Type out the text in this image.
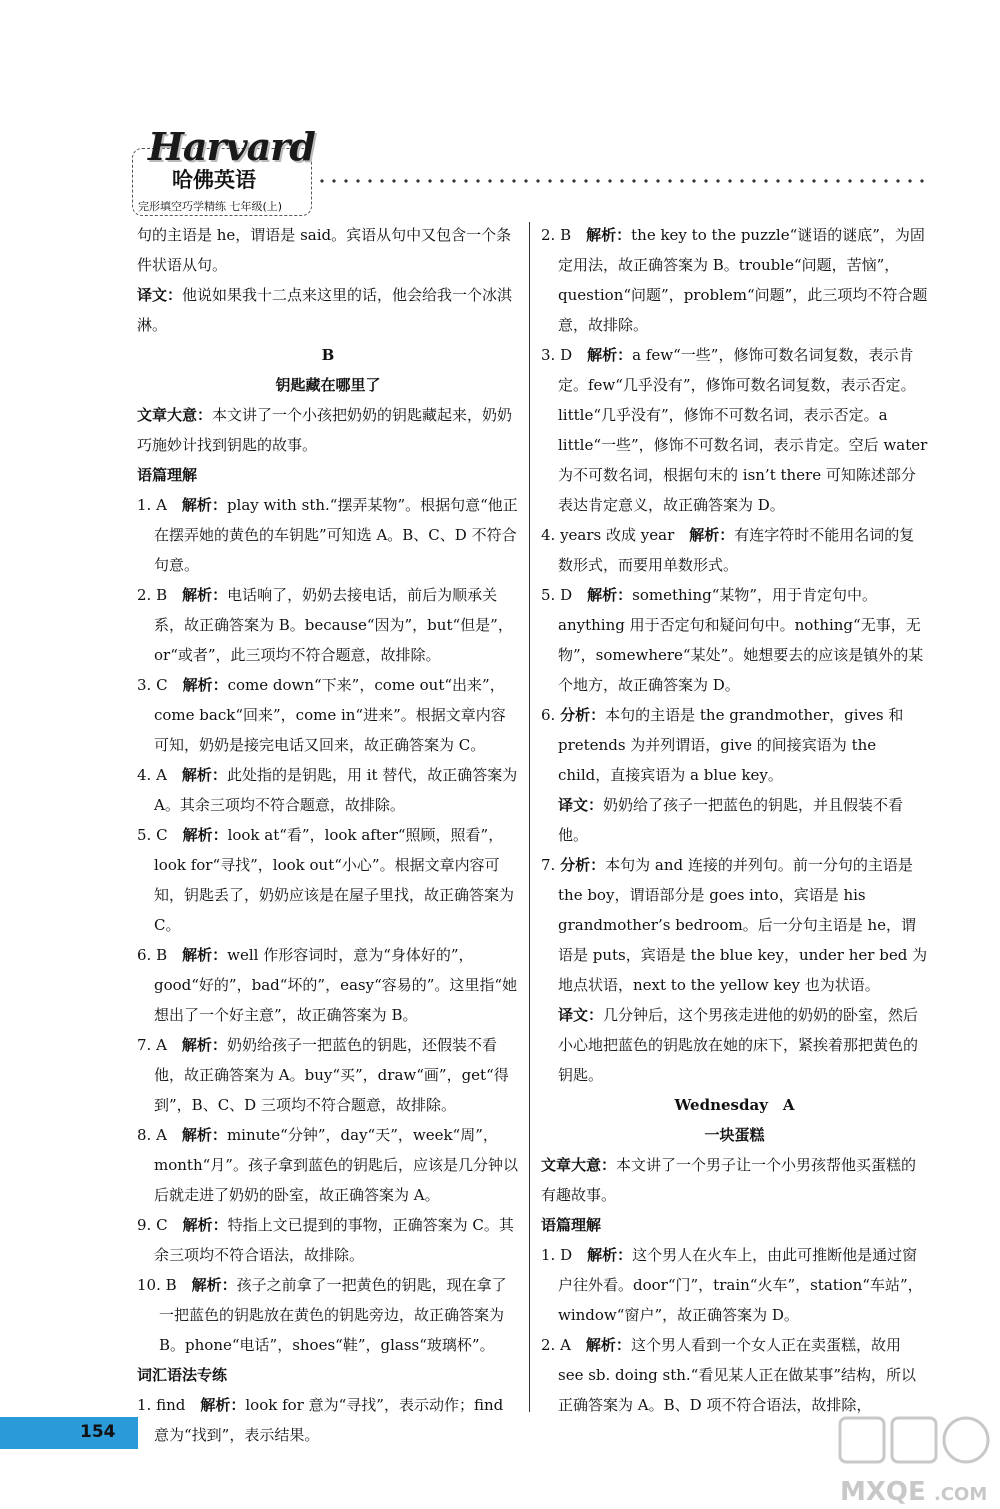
Harvard
哈佛英语
完形填空巧学精练 七年级(上)

句的主语是 he，谓语是 said。宾语从句中又包含一个条件状语从句。

译文：他说如果我十二点来这里的话，他会给我一个冰淇淋。

B

钥匙藏在哪里了

文章大意：本文讲了一个小孩把奶奶的钥匙藏起来，奶奶巧施妙计找到钥匙的故事。

语篇理解

1. A　解析：play with sth.“摆弄某物”。根据句意“他正在摆弄她的黄色的车钥匙”可知选 A。B、C、D 不符合句意。

2. B　解析：电话响了，奶奶去接电话，前后为顺承关系，故正确答案为 B。because“因为”，but“但是”，or“或者”，此三项均不符合题意，故排除。

3. C　解析：come down“下来”，come out“出来”，come back“回来”，come in“进来”。根据文章内容可知，奶奶是接完电话又回来，故正确答案为 C。

4. A　解析：此处指的是钥匙，用 it 替代，故正确答案为 A。其余三项均不符合题意，故排除。

5. C　解析：look at“看”，look after“照顾，照看”，look for“寻找”，look out“小心”。根据文章内容可知，钥匙丢了，奶奶应该是在屋子里找，故正确答案为 C。

6. B　解析：well 作形容词时，意为“身体好的”，good“好的”，bad“坏的”，easy“容易的”。这里指“她想出了一个好主意”，故正确答案为 B。

7. A　解析：奶奶给孩子一把蓝色的钥匙，还假装不看他，故正确答案为 A。buy“买”，draw“画”，get“得到”，B、C、D 三项均不符合题意，故排除。

8. A　解析：minute“分钟”，day“天”，week“周”，month“月”。孩子拿到蓝色的钥匙后，应该是几分钟以后就走进了奶奶的卧室，故正确答案为 A。

9. C　解析：特指上文已提到的事物，正确答案为 C。其余三项均不符合语法，故排除。

10. B　解析：孩子之前拿了一把黄色的钥匙，现在拿了一把蓝色的钥匙放在黄色的钥匙旁边，故正确答案为 B。phone“电话”，shoes“鞋”，glass“玻璃杯”。

词汇语法专练

1. find　解析：look for 意为“寻找”，表示动作；find 意为“找到”，表示结果。

2. B　解析：the key to the puzzle“谜语的谜底”，为固定用法，故正确答案为 B。trouble“问题，苦恼”，question“问题”，problem“问题”，此三项均不符合题意，故排除。

3. D　解析：a few“一些”，修饰可数名词复数，表示肯定。few“几乎没有”，修饰可数名词复数，表示否定。little“几乎没有”，修饰不可数名词，表示否定。a little“一些”，修饰不可数名词，表示肯定。空后 water 为不可数名词，根据句末的 isn’t there 可知陈述部分表达肯定意义，故正确答案为 D。

4. years 改成 year　解析：有连字符时不能用名词的复数形式，而要用单数形式。

5. D　解析：something“某物”，用于肯定句中。anything 用于否定句和疑问句中。nothing“无事，无物”，somewhere“某处”。她想要去的应该是镇外的某个地方，故正确答案为 D。

6. 分析：本句的主语是 the grandmother，gives 和 pretends 为并列谓语，give 的间接宾语为 the child，直接宾语为 a blue key。

译文：奶奶给了孩子一把蓝色的钥匙，并且假装不看他。

7. 分析：本句为 and 连接的并列句。前一分句的主语是 the boy，谓语部分是 goes into，宾语是 his grandmother’s bedroom。后一分句主语是 he，谓语是 puts，宾语是 the blue key，under her bed 为地点状语，next to the yellow key 也为状语。

译文：几分钟后，这个男孩走进他的奶奶的卧室，然后小心地把蓝色的钥匙放在她的床下，紧挨着那把黄色的钥匙。

Wednesday　A

一块蛋糕

文章大意：本文讲了一个男子让一个小男孩帮他买蛋糕的有趣故事。

语篇理解

1. D　解析：这个男人在火车上，由此可推断他是通过窗户往外看。door“门”，train“火车”，station“车站”，window“窗户”，故正确答案为 D。

2. A　解析：这个男人看到一个女人正在卖蛋糕，故用 see sb. doing sth.“看见某人正在做某事”结构，所以正确答案为 A。B、D 项不符合语法，故排除，

154
MXQE .COM
